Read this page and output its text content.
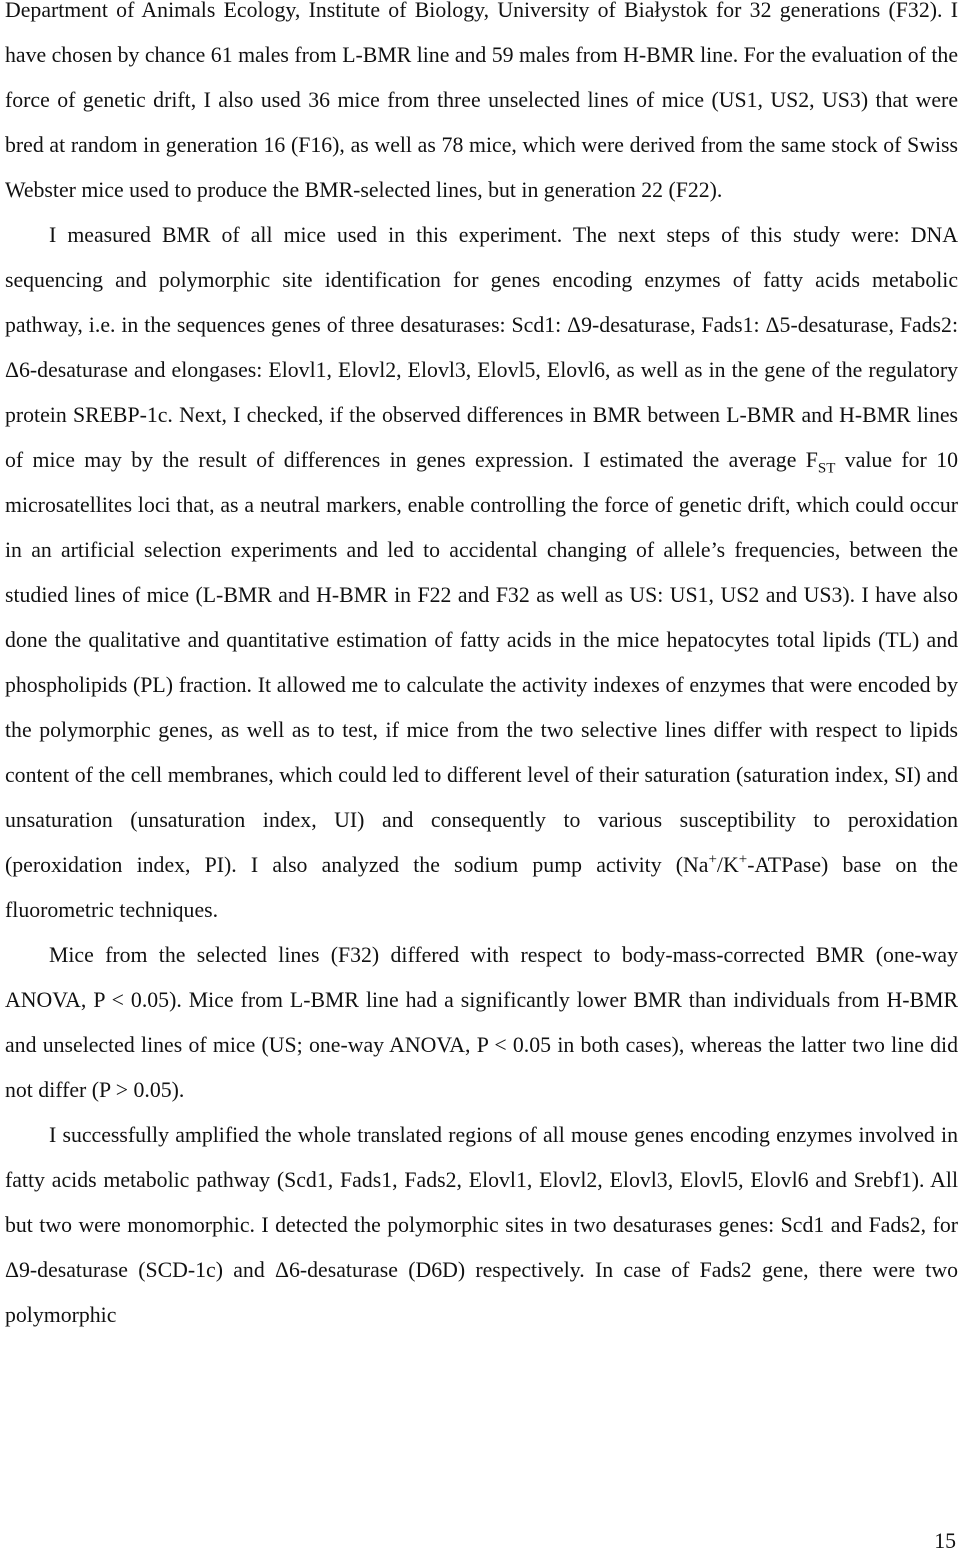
Department of Animals Ecology, Institute of Biology, University of Białystok for 32 generations (F32). I have chosen by chance 61 males from L-BMR line and 59 males from H-BMR line. For the evaluation of the force of genetic drift, I also used 36 mice from three unselected lines of mice (US1, US2, US3) that were bred at random in generation 16 (F16), as well as 78 mice, which were derived from the same stock of Swiss Webster mice used to produce the BMR-selected lines, but in generation 22 (F22).

I measured BMR of all mice used in this experiment. The next steps of this study were: DNA sequencing and polymorphic site identification for genes encoding enzymes of fatty acids metabolic pathway, i.e. in the sequences genes of three desaturases: Scd1: Δ9-desaturase, Fads1: Δ5-desaturase, Fads2: Δ6-desaturase and elongases: Elovl1, Elovl2, Elovl3, Elovl5, Elovl6, as well as in the gene of the regulatory protein SREBP-1c. Next, I checked, if the observed differences in BMR between L-BMR and H-BMR lines of mice may by the result of differences in genes expression. I estimated the average $F_{ST}$ value for 10 microsatellites loci that, as a neutral markers, enable controlling the force of genetic drift, which could occur in an artificial selection experiments and led to accidental changing of allele’s frequencies, between the studied lines of mice (L-BMR and H-BMR in F22 and F32 as well as US: US1, US2 and US3). I have also done the qualitative and quantitative estimation of fatty acids in the mice hepatocytes total lipids (TL) and phospholipids (PL) fraction. It allowed me to calculate the activity indexes of enzymes that were encoded by the polymorphic genes, as well as to test, if mice from the two selective lines differ with respect to lipids content of the cell membranes, which could led to different level of their saturation (saturation index, SI) and unsaturation (unsaturation index, UI) and consequently to various susceptibility to peroxidation (peroxidation index, PI). I also analyzed the sodium pump activity (Na+/K+-ATPase) base on the fluorometric techniques.

Mice from the selected lines (F32) differed with respect to body-mass-corrected BMR (one-way ANOVA, P < 0.05). Mice from L-BMR line had a significantly lower BMR than individuals from H-BMR and unselected lines of mice (US; one-way ANOVA, P < 0.05 in both cases), whereas the latter two line did not differ (P > 0.05).

I successfully amplified the whole translated regions of all mouse genes encoding enzymes involved in fatty acids metabolic pathway (Scd1, Fads1, Fads2, Elovl1, Elovl2, Elovl3, Elovl5, Elovl6 and Srebf1). All but two were monomorphic. I detected the polymorphic sites in two desaturases genes: Scd1 and Fads2, for Δ9-desaturase (SCD-1c) and Δ6-desaturase (D6D) respectively. In case of Fads2 gene, there were two polymorphic

15
